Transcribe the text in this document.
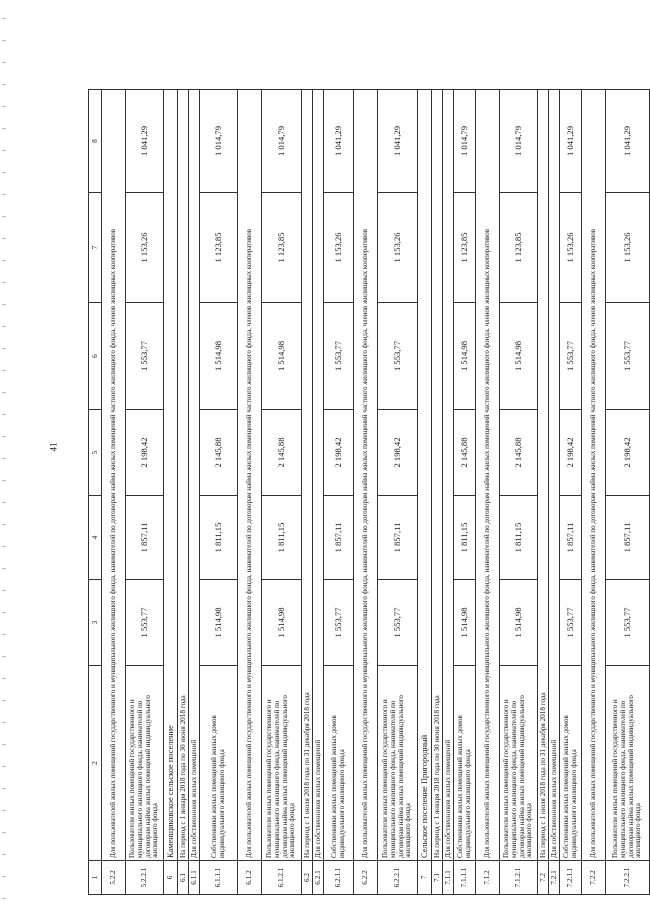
41
1	2	3	4	5	6	7	8
5.2.2	Для пользователей жилых помещений государственного и муниципального жилищного фонда, нанимателей по договорам найма жилых помещений частного жилищного фонда, членов жилищных кооперативов						
5.2.2.1	Пользователи жилых помещений государственного и муниципального жилищного фонда, нанимателей по договорам найма жилых помещений индивидуального жилищного фонда	1 553,77	1 857,11	2 198,42	1 553,77	1 153,26	1 041,29
6	Каменщиковское сельское поселение						
6.1	На период с 1 января 2018 года по 30 июня 2018 года						
6.1.1	Для собственников жилых помещений						
6.1.1.1	Собственники жилых помещений жилых домов индивидуального жилищного фонда	1 514,98	1 811,15	2 145,88	1 514,98	1 123,85	1 014,79
6.1.2	Для пользователей жилых помещений государственного и муниципального жилищного фонда, нанимателей по договорам найма жилых помещений частного жилищного фонда, членов жилищных кооперативов						
6.1.2.1	Пользователи жилых помещений государственного и муниципального жилищного фонда, нанимателей по договорам найма жилых помещений индивидуального жилищного фонда	1 514,98	1 811,15	2 145,88	1 514,98	1 123,85	1 014,79
6.2	На период с 1 июля 2018 года по 31 декабря 2018 года						
6.2.1	Для собственников жилых помещений						
6.2.1.1	Собственники жилых помещений жилых домов индивидуального жилищного фонда	1 553,77	1 857,11	2 198,42	1 553,77	1 153,26	1 041,29
6.2.2	Для пользователей жилых помещений государственного и муниципального жилищного фонда, нанимателей по договорам найма жилых помещений частного жилищного фонда, членов жилищных кооперативов						
6.2.2.1	Пользователи жилых помещений государственного и муниципального жилищного фонда, нанимателей по договорам найма жилых помещений индивидуального жилищного фонда	1 553,77	1 857,11	2 198,42	1 553,77	1 153,26	1 041,29
7	Сельское поселение Пригородный						
7.1	На период с 1 января 2018 года по 30 июня 2018 года						
7.1.1	Для собственников жилых помещений						
7.1.1.1	Собственники жилых помещений жилых домов индивидуального жилищного фонда	1 514,98	1 811,15	2 145,88	1 514,98	1 123,85	1 014,79
7.1.2	Для пользователей жилых помещений государственного и муниципального жилищного фонда, нанимателей по договорам найма жилых помещений частного жилищного фонда, членов жилищных кооперативов						
7.1.2.1	Пользователи жилых помещений государственного и муниципального жилищного фонда, нанимателей по договорам найма жилых помещений индивидуального жилищного фонда	1 514,98	1 811,15	2 145,88	1 514,98	1 123,85	1 014,79
7.2	На период с 1 июля 2018 года по 31 декабря 2018 года						
7.2.1	Для собственников жилых помещений						
7.2.1.1	Собственники жилых помещений жилых домов индивидуального жилищного фонда	1 553,77	1 857,11	2 198,42	1 553,77	1 153,26	1 041,29
7.2.2	Для пользователей жилых помещений государственного и муниципального жилищного фонда, нанимателей по договорам найма жилых помещений частного жилищного фонда, членов жилищных кооперативов						
7.2.2.1	Пользователи жилых помещений государственного и муниципального жилищного фонда, нанимателей по договорам найма жилых помещений индивидуального жилищного фонда	1 553,77	1 857,11	2 198,42	1 553,77	1 153,26	1 041,29
